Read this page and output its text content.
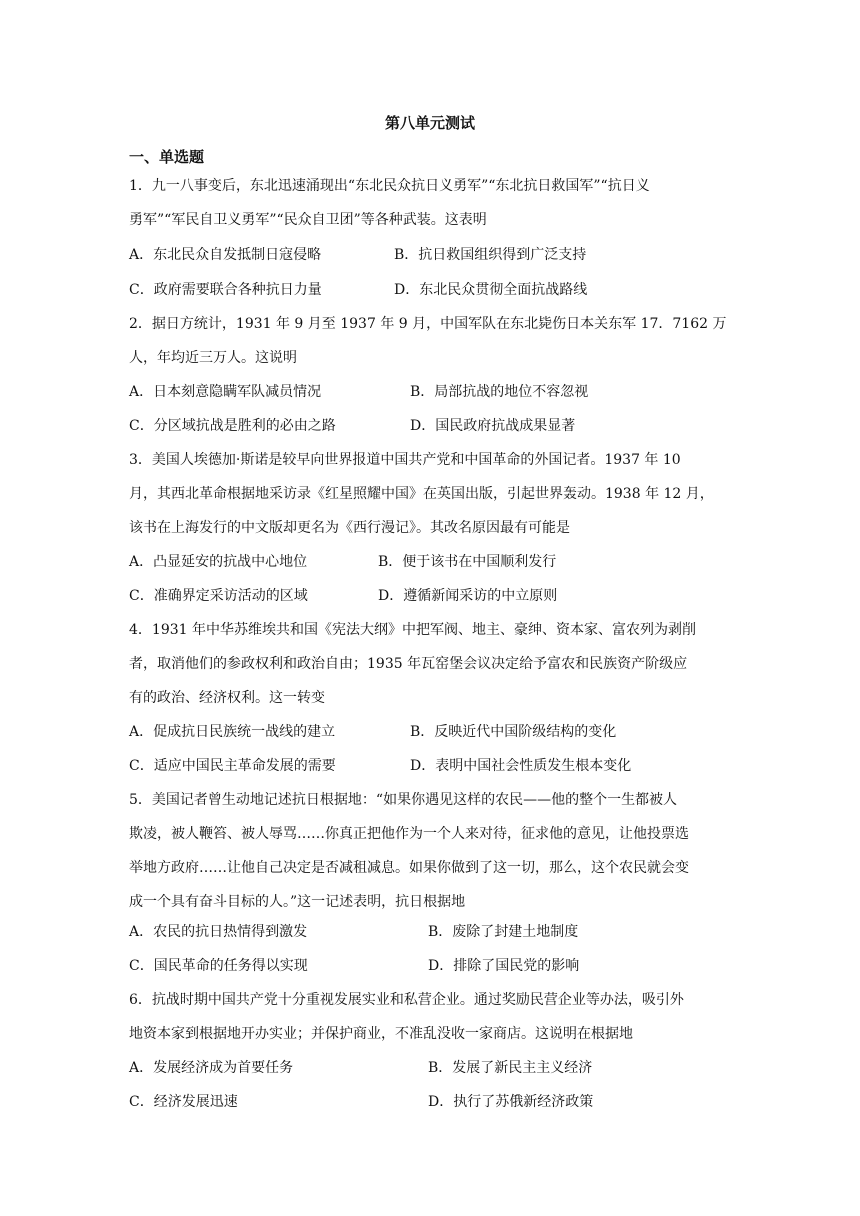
第八单元测试
一、单选题
1．九一八事变后，东北迅速涌现出“东北民众抗日义勇军”“东北抗日救国军”“抗日义
勇军”“军民自卫义勇军”“民众自卫团”等各种武装。这表明
A．东北民众自发抵制日寇侵略	B．抗日救国组织得到广泛支持
C．政府需要联合各种抗日力量	D．东北民众贯彻全面抗战路线
2．据日方统计，1931 年 9 月至 1937 年 9 月，中国军队在东北毙伤日本关东军 17．7162 万
人，年均近三万人。这说明
A．日本刻意隐瞒军队减员情况	B．局部抗战的地位不容忽视
C．分区域抗战是胜利的必由之路	D．国民政府抗战成果显著
3．美国人埃德加·斯诺是较早向世界报道中国共产党和中国革命的外国记者。1937 年 10
月，其西北革命根据地采访录《红星照耀中国》在英国出版，引起世界轰动。1938 年 12 月，
该书在上海发行的中文版却更名为《西行漫记》。其改名原因最有可能是
A．凸显延安的抗战中心地位	B．便于该书在中国顺利发行
C．准确界定采访活动的区域	D．遵循新闻采访的中立原则
4．1931 年中华苏维埃共和国《宪法大纲》中把军阀、地主、豪绅、资本家、富农列为剥削
者，取消他们的参政权利和政治自由；1935 年瓦窑堡会议决定给予富农和民族资产阶级应
有的政治、经济权利。这一转变
A．促成抗日民族统一战线的建立	B．反映近代中国阶级结构的变化
C．适应中国民主革命发展的需要	D．表明中国社会性质发生根本变化
5．美国记者曾生动地记述抗日根据地：“如果你遇见这样的农民——他的整个一生都被人
欺凌，被人鞭笞、被人辱骂……你真正把他作为一个人来对待，征求他的意见，让他投票选
举地方政府……让他自己决定是否减租减息。如果你做到了这一切，那么，这个农民就会变
成一个具有奋斗目标的人。”这一记述表明，抗日根据地
A．农民的抗日热情得到激发	B．废除了封建土地制度
C．国民革命的任务得以实现	D．排除了国民党的影响
6．抗战时期中国共产党十分重视发展实业和私营企业。通过奖励民营企业等办法，吸引外
地资本家到根据地开办实业；并保护商业，不准乱没收一家商店。这说明在根据地
A．发展经济成为首要任务	B．发展了新民主主义经济
C．经济发展迅速	D．执行了苏俄新经济政策
